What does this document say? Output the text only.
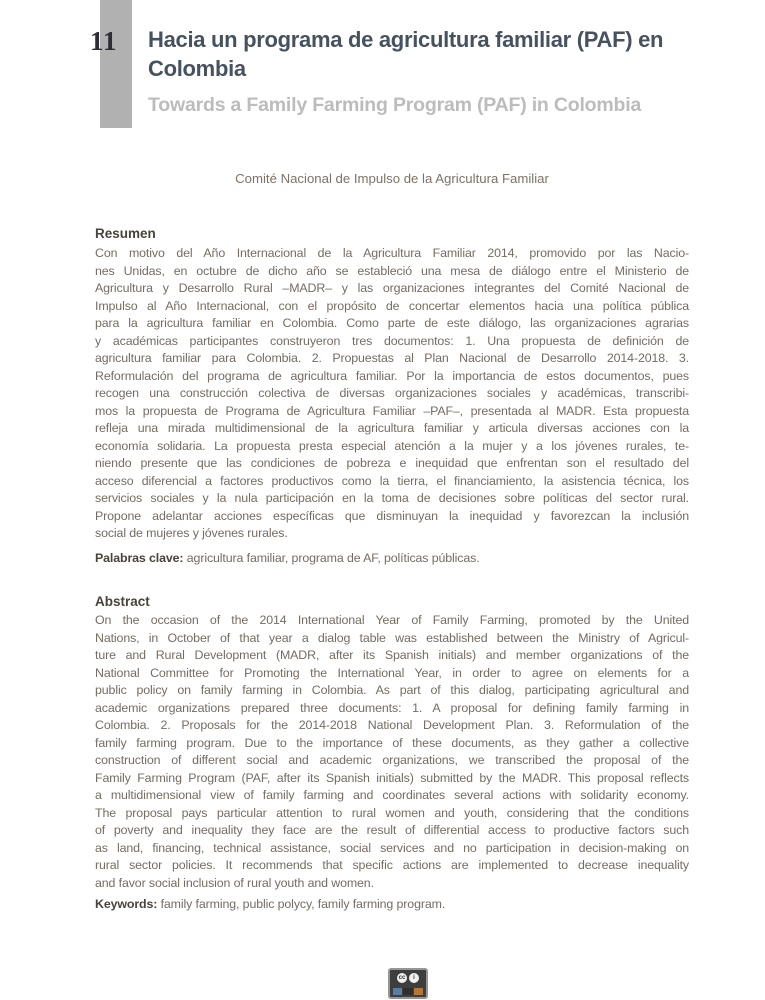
11	Hacia un programa de agricultura familiar (PAF) en
Colombia
Towards a Family Farming Program (PAF) in Colombia
Comité Nacional de Impulso de la Agricultura Familiar
Resumen
Con motivo del Año Internacional de la Agricultura Familiar 2014, promovido por las Nacio-
nes Unidas, en octubre de dicho año se estableció una mesa de diálogo entre el Ministerio de
Agricultura y Desarrollo Rural –MADR– y las organizaciones integrantes del Comité Nacional de
Impulso al Año Internacional, con el propósito de concertar elementos hacia una política pública
para la agricultura familiar en Colombia. Como parte de este diálogo, las organizaciones agrarias
y académicas participantes construyeron tres documentos: 1. Una propuesta de definición de
agricultura familiar para Colombia. 2. Propuestas al Plan Nacional de Desarrollo 2014-2018. 3.
Reformulación del programa de agricultura familiar. Por la importancia de estos documentos, pues
recogen una construcción colectiva de diversas organizaciones sociales y académicas, transcribi-
mos la propuesta de Programa de Agricultura Familiar –PAF–, presentada al MADR. Esta propuesta
refleja una mirada multidimensional de la agricultura familiar y articula diversas acciones con la
economía solidaria. La propuesta presta especial atención a la mujer y a los jóvenes rurales, te-
niendo presente que las condiciones de pobreza e inequidad que enfrentan son el resultado del
acceso diferencial a factores productivos como la tierra, el financiamiento, la asistencia técnica, los
servicios sociales y la nula participación en la toma de decisiones sobre políticas del sector rural.
Propone adelantar acciones específicas que disminuyan la inequidad y favorezcan la inclusión
social de mujeres y jóvenes rurales.
Palabras clave: agricultura familiar, programa de AF, políticas públicas.
Abstract
On the occasion of the 2014 International Year of Family Farming, promoted by the United
Nations, in October of that year a dialog table was established between the Ministry of Agricul-
ture and Rural Development (MADR, after its Spanish initials) and member organizations of the
National Committee for Promoting the International Year, in order to agree on elements for a
public policy on family farming in Colombia. As part of this dialog, participating agricultural and
academic organizations prepared three documents: 1. A proposal for defining family farming in
Colombia. 2. Proposals for the 2014-2018 National Development Plan. 3. Reformulation of the
family farming program. Due to the importance of these documents, as they gather a collective
construction of different social and academic organizations, we transcribed the proposal of the
Family Farming Program (PAF, after its Spanish initials) submitted by the MADR. This proposal reflects
a multidimensional view of family farming and coordinates several actions with solidarity economy.
The proposal pays particular attention to rural women and youth, considering that the conditions
of poverty and inequality they face are the result of differential access to productive factors such
as land, financing, technical assistance, social services and no participation in decision-making on
rural sector policies. It recommends that specific actions are implemented to decrease inequality
and favor social inclusion of rural youth and women.
Keywords: family farming, public polycy, family farming program.
cc	i
